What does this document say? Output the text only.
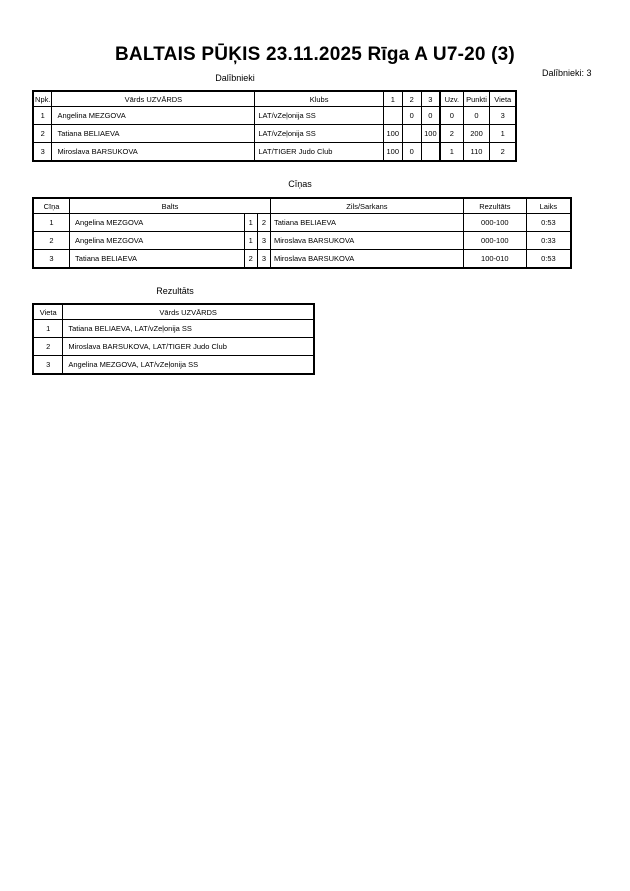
BALTAIS PŪĶIS 23.11.2025 Rīga A U7-20 (3)
Dalībnieki: 3
Dalībnieki
Npk.	Vārds UZVĀRDS	Klubs	1	2	3	Uzv.	Punkti	Vieta
1	Angelina MEZGOVA	LAT/vZeļonija SS		0	0	0	0	3
2	Tatiana BELIAEVA	LAT/vZeļonija SS	100		100	2	200	1
3	Miroslava BARSUKOVA	LAT/TIGER Judo Club	100	0		1	110	2
Cīņas
Cīņa	Balts			Zils/Sarkans	Rezultāts	Laiks
1	Angelina MEZGOVA	1	2	Tatiana BELIAEVA	000-100	0:53
2	Angelina MEZGOVA	1	3	Miroslava BARSUKOVA	000-100	0:33
3	Tatiana BELIAEVA	2	3	Miroslava BARSUKOVA	100-010	0:53
Rezultāts
Vieta	Vārds UZVĀRDS
1	Tatiana BELIAEVA, LAT/vZeļonija SS
2	Miroslava BARSUKOVA, LAT/TIGER Judo Club
3	Angelina MEZGOVA, LAT/vZeļonija SS
